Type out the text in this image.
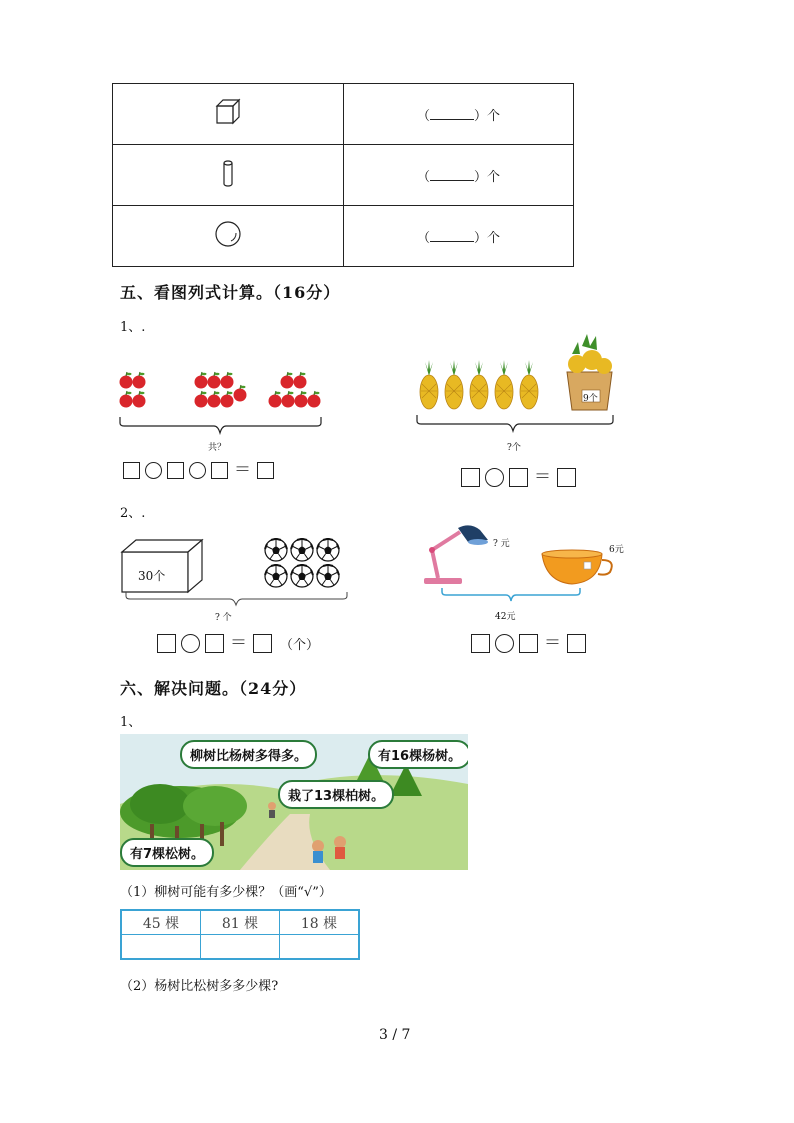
	（ ）个
	（ ）个
	（ ）个
五、看图列式计算。（16分）
1、.
共？
＝
9个
?个
＝
2、.
30个
? 个
＝	（个）
? 元
6元
42元
＝
六、解决问题。（24分）
1、
柳树比杨树多得多。	有16棵杨树。
栽了13棵柏树。
有7棵松树。
（1）柳树可能有多少棵？（画“√”）
45 棵	81 棵	18 棵

（2）杨树比松树多多少棵?
3 / 7
